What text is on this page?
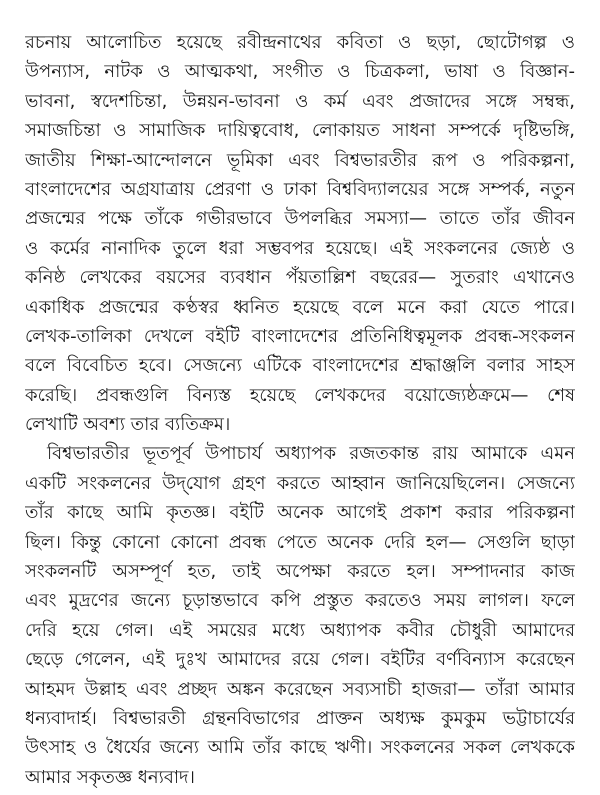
রচনায় আলোচিত হয়েছে রবীন্দ্রনাথের কবিতা ও ছড়া, ছোটোগল্প ও
উপন্যাস, নাটক ও আত্মকথা, সংগীত ও চিত্রকলা, ভাষা ও বিজ্ঞান-
ভাবনা, স্বদেশচিন্তা, উন্নয়ন-ভাবনা ও কর্ম এবং প্রজাদের সঙ্গে সম্বন্ধ,
সমাজচিন্তা ও সামাজিক দায়িত্ববোধ, লোকায়ত সাধনা সম্পর্কে দৃষ্টিভঙ্গি,
জাতীয় শিক্ষা-আন্দোলনে ভূমিকা এবং বিশ্বভারতীর রূপ ও পরিকল্পনা,
বাংলাদেশের অগ্রযাত্রায় প্রেরণা ও ঢাকা বিশ্ববিদ্যালয়ের সঙ্গে সম্পর্ক, নতুন
প্রজন্মের পক্ষে তাঁকে গভীরভাবে উপলব্ধির সমস্যা— তাতে তাঁর জীবন
ও কর্মের নানাদিক তুলে ধরা সম্ভবপর হয়েছে। এই সংকলনের জ্যেষ্ঠ ও
কনিষ্ঠ লেখকের বয়সের ব্যবধান পঁয়তাল্লিশ বছরের— সুতরাং এখানেও
একাধিক প্রজন্মের কণ্ঠস্বর ধ্বনিত হয়েছে বলে মনে করা যেতে পারে।
লেখক-তালিকা দেখলে বইটি বাংলাদেশের প্রতিনিধিত্বমূলক প্রবন্ধ-সংকলন
বলে বিবেচিত হবে। সেজন্যে এটিকে বাংলাদেশের শ্রদ্ধাঞ্জলি বলার সাহস
করেছি। প্রবন্ধগুলি বিন্যস্ত হয়েছে লেখকদের বয়োজ্যেষ্ঠক্রমে— শেষ
লেখাটি অবশ্য তার ব্যতিক্রম।
বিশ্বভারতীর ভূতপূর্ব উপাচার্য অধ্যাপক রজতকান্ত রায় আমাকে এমন
একটি সংকলনের উদ্‌যোগ গ্রহণ করতে আহ্বান জানিয়েছিলেন। সেজন্যে
তাঁর কাছে আমি কৃতজ্ঞ। বইটি অনেক আগেই প্রকাশ করার পরিকল্পনা
ছিল। কিন্তু কোনো কোনো প্রবন্ধ পেতে অনেক দেরি হল— সেগুলি ছাড়া
সংকলনটি অসম্পূর্ণ হত, তাই অপেক্ষা করতে হল। সম্পাদনার কাজ
এবং মুদ্রণের জন্যে চূড়ান্তভাবে কপি প্রস্তুত করতেও সময় লাগল। ফলে
দেরি হয়ে গেল। এই সময়ের মধ্যে অধ্যাপক কবীর চৌধুরী আমাদের
ছেড়ে গেলেন, এই দুঃখ আমাদের রয়ে গেল। বইটির বর্ণবিন্যাস করেছেন
আহমদ উল্লাহ এবং প্রচ্ছদ অঙ্কন করেছেন সব্যসাচী হাজরা— তাঁরা আমার
ধন্যবাদার্হ। বিশ্বভারতী গ্রন্থনবিভাগের প্রাক্তন অধ্যক্ষ কুমকুম ভট্টাচার্যের
উৎসাহ ও ধৈর্যের জন্যে আমি তাঁর কাছে ঋণী। সংকলনের সকল লেখককে
আমার সকৃতজ্ঞ ধন্যবাদ।
